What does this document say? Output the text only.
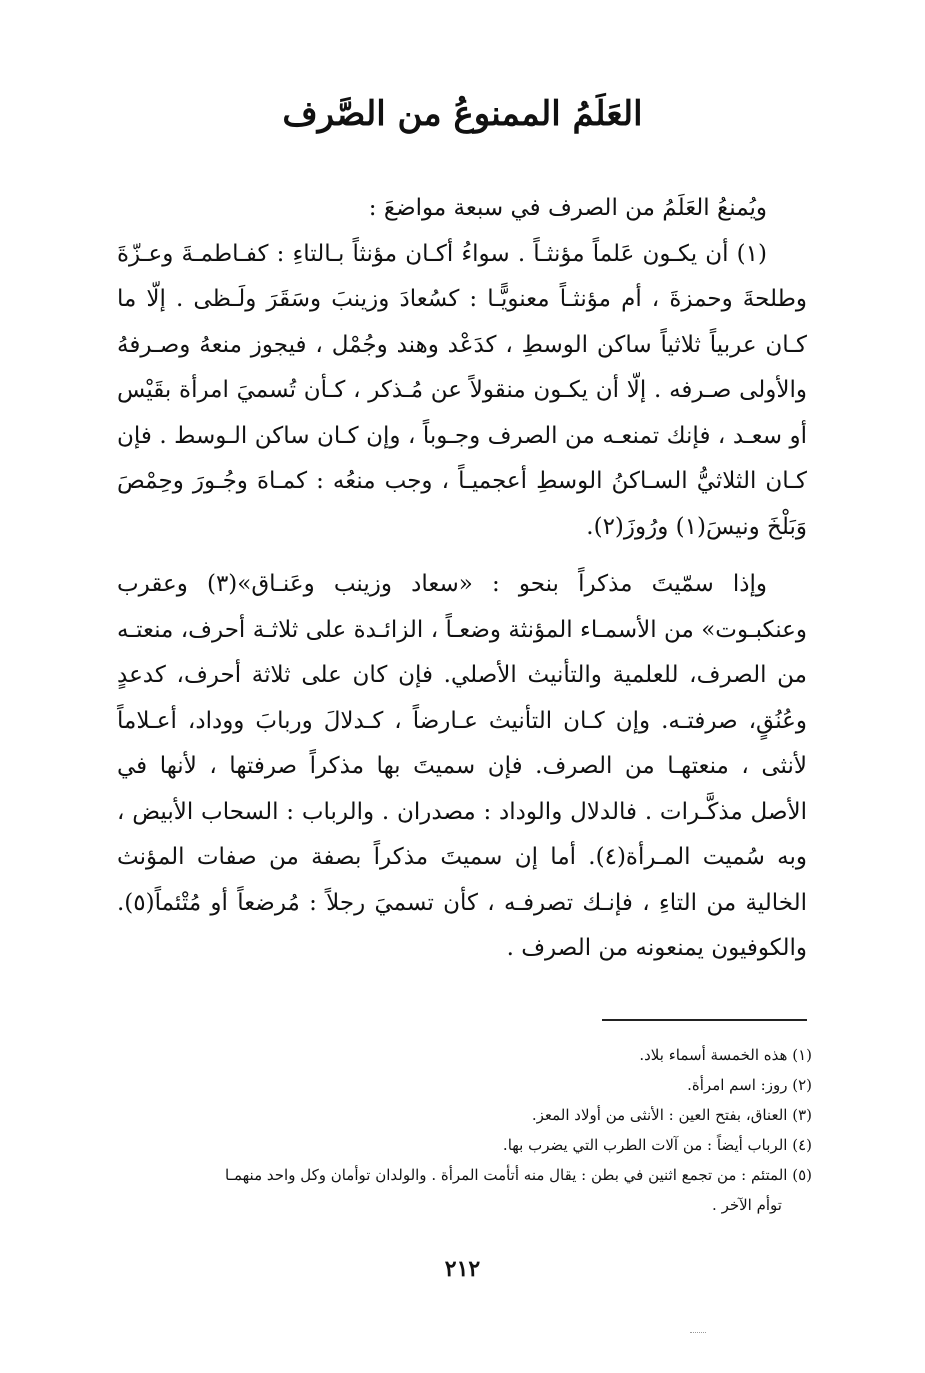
العَلَمُ الممنوعُ من الصَّرف

ويُمنعُ العَلَمُ من الصرف في سبعة مواضعَ :

(١) أن يكـون عَلماً مؤنثـاً . سواءُ أكـان مؤنثاً بـالتاءِ : كفـاطمـةَ وعـزّةَ وطلحةَ وحمزةَ ، أم مؤنثـاً معنويًّـا : كسُعادَ وزينبَ وسَقَرَ ولَـظى . إلّا ما كـان عربياً ثلاثياً ساكن الوسطِ ، كدَعْد وهند وجُمْل ، فيجوز منعهُ وصـرفهُ والأولى صـرفه . إلّا أن يكـون منقولاً عن مُـذكر ، كـأن تُسميَ امرأة بقَيْس أو سعـد ، فإنك تمنعـه من الصرف وجـوباً ، وإن كـان ساكن الـوسط . فإن كـان الثلاثيُّ السـاكنُ الوسطِ أعجميـاً ، وجب منعُه : كمـاهَ وجُـورَ وحِمْصَ وَبَلْخَ ونيسَ(١) ورُوزَ(٢).

وإذا سمّيتَ مذكراً بنحو : «سعاد وزينب وعَنـاق»(٣) وعقرب وعنكبـوت» من الأسمـاء المؤنثة وضعـاً ، الزائـدة على ثلاثـة أحرف، منعتـه من الصرف، للعلمية والتأنيث الأصلي. فإن كان على ثلاثة أحرف، كدعدٍ وعُنُقٍ، صرفتـه. وإن كـان التأنيث عـارضاً ، كـدلالَ وربابَ ووداد، أعـلاماً لأنثى ، منعتهـا من الصرف. فإن سميتَ بها مذكراً صرفتها ، لأنها في الأصل مذكَّـرات . فالدلال والوداد : مصدران . والرباب : السحاب الأبيض ، وبه سُميت المـرأة(٤). أما إن سميتَ مذكراً بصفة من صفات المؤنث الخالية من التاءِ ، فإنـك تصرفـه ، كأن تسميَ رجلاً : مُرضعاً أو مُتْئماً(٥). والكوفيون يمنعونه من الصرف .

(١) هذه الخمسة أسماء بلاد.

(٢) روز: اسم امرأة.

(٣) العناق، بفتح العين : الأنثى من أولاد المعز.

(٤) الرباب أيضاً : من آلات الطرب التي يضرب بها.

(٥) المتئم : من تجمع اثنين في بطن : يقال منه أتأمت المرأة . والولدان توأمان وكل واحد منهمـا
توأم الآخر .

٢١٢
